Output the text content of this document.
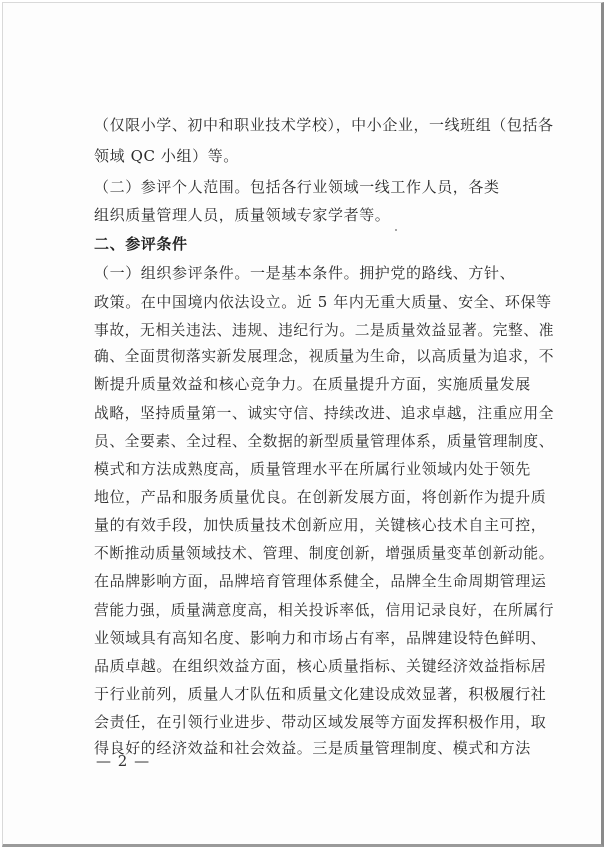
（仅限小学、初中和职业技术学校），中小企业，一线班组（包括各
领域 QC 小组）等。
（二）参评个人范围。包括各行业领域一线工作人员，各类
组织质量管理人员，质量领域专家学者等。
二、参评条件
（一）组织参评条件。一是基本条件。拥护党的路线、方针、
政策。在中国境内依法设立。近 5 年内无重大质量、安全、环保等
事故，无相关违法、违规、违纪行为。二是质量效益显著。完整、准
确、全面贯彻落实新发展理念，视质量为生命，以高质量为追求，不
断提升质量效益和核心竞争力。在质量提升方面，实施质量发展
战略，坚持质量第一、诚实守信、持续改进、追求卓越，注重应用全
员、全要素、全过程、全数据的新型质量管理体系，质量管理制度、
模式和方法成熟度高，质量管理水平在所属行业领域内处于领先
地位，产品和服务质量优良。在创新发展方面，将创新作为提升质
量的有效手段，加快质量技术创新应用，关键核心技术自主可控，
不断推动质量领域技术、管理、制度创新，增强质量变革创新动能。
在品牌影响方面，品牌培育管理体系健全，品牌全生命周期管理运
营能力强，质量满意度高，相关投诉率低，信用记录良好，在所属行
业领域具有高知名度、影响力和市场占有率，品牌建设特色鲜明、
品质卓越。在组织效益方面，核心质量指标、关键经济效益指标居
于行业前列，质量人才队伍和质量文化建设成效显著，积极履行社
会责任，在引领行业进步、带动区域发展等方面发挥积极作用，取
得良好的经济效益和社会效益。三是质量管理制度、模式和方法
— 2 —
